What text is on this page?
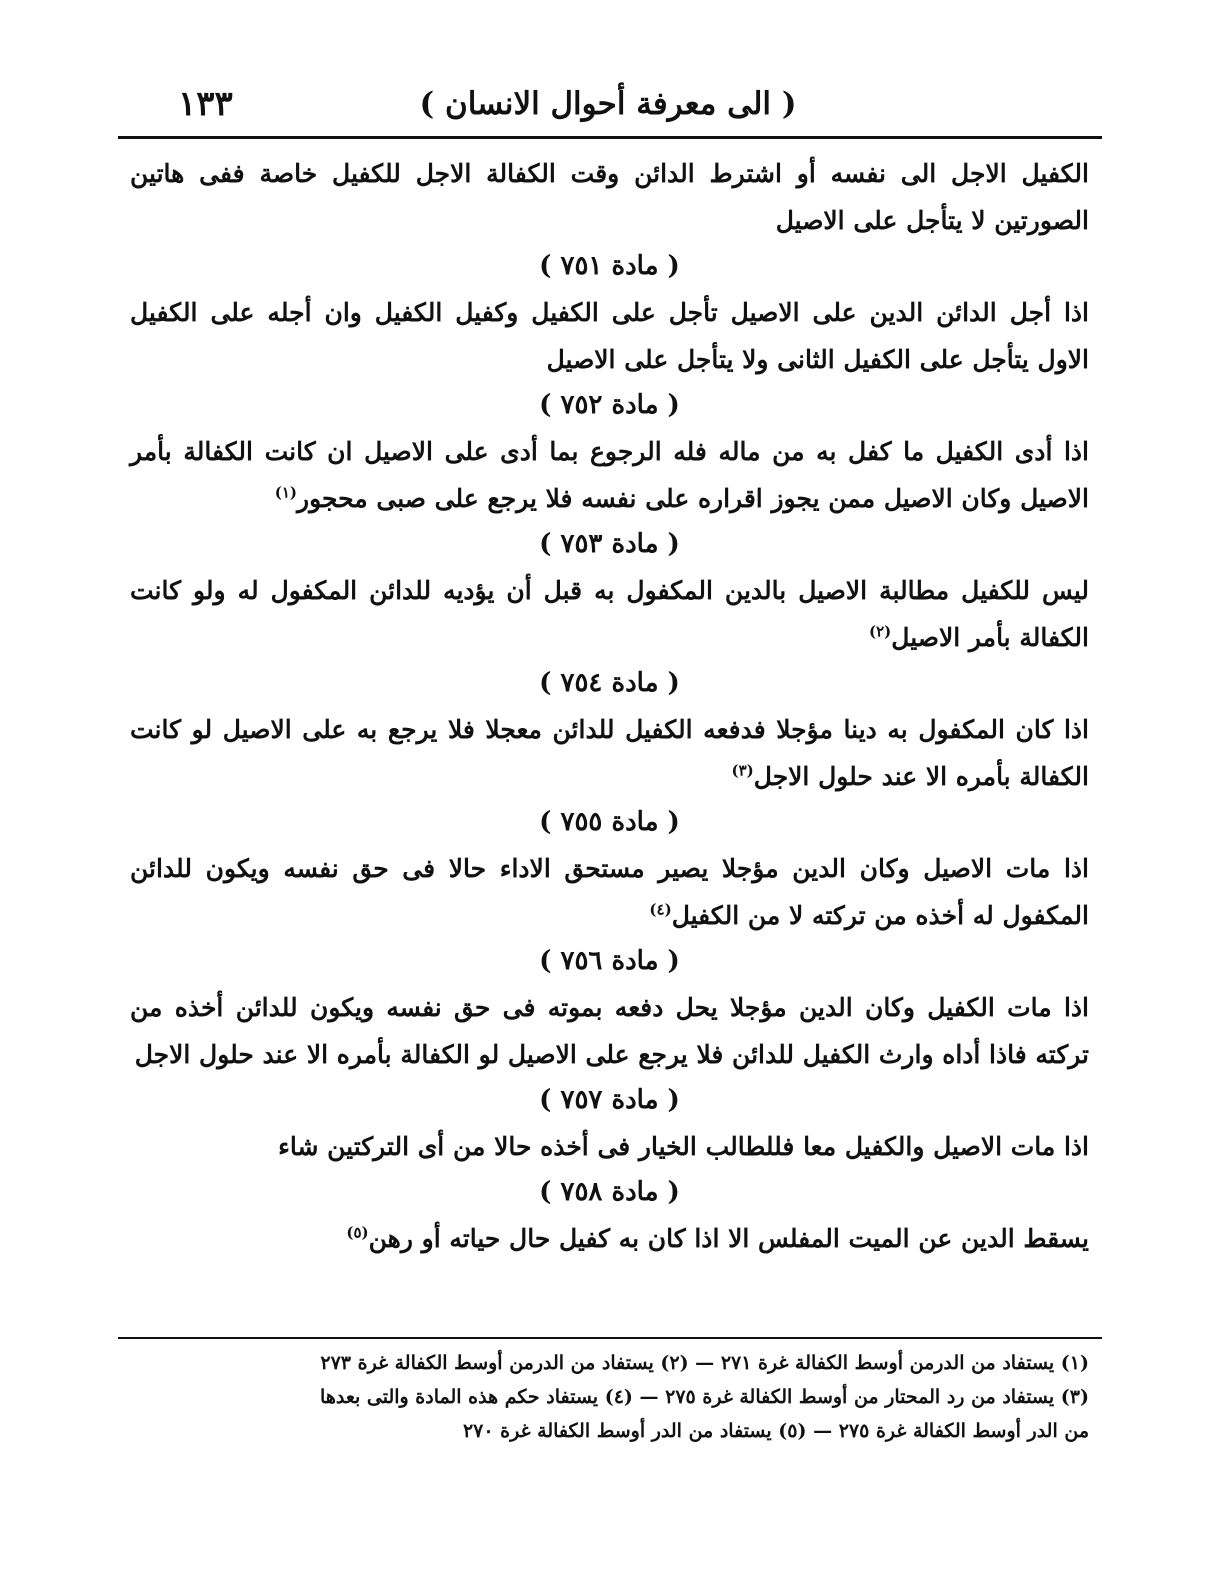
( الى معرفة أحوال الانسان )
١٣٣

الكفيل الاجل الى نفسه أو اشترط الدائن وقت الكفالة الاجل للكفيل خاصة ففى هاتين الصورتين لا يتأجل على الاصيل

( مادة ٧٥١ )

اذا أجل الدائن الدين على الاصيل تأجل على الكفيل وكفيل الكفيل وان أجله على الكفيل الاول يتأجل على الكفيل الثانى ولا يتأجل على الاصيل

( مادة ٧٥٢ )

اذا أدى الكفيل ما كفل به من ماله فله الرجوع بما أدى على الاصيل ان كانت الكفالة بأمر الاصيل وكان الاصيل ممن يجوز اقراره على نفسه فلا يرجع على صبى محجور$^{(١)}$

( مادة ٧٥٣ )

ليس للكفيل مطالبة الاصيل بالدين المكفول به قبل أن يؤديه للدائن المكفول له ولو كانت الكفالة بأمر الاصيل$^{(٢)}$

( مادة ٧٥٤ )

اذا كان المكفول به دينا مؤجلا فدفعه الكفيل للدائن معجلا فلا يرجع به على الاصيل لو كانت الكفالة بأمره الا عند حلول الاجل$^{(٣)}$

( مادة ٧٥٥ )

اذا مات الاصيل وكان الدين مؤجلا يصير مستحق الاداء حالا فى حق نفسه ويكون للدائن المكفول له أخذه من تركته لا من الكفيل$^{(٤)}$

( مادة ٧٥٦ )

اذا مات الكفيل وكان الدين مؤجلا يحل دفعه بموته فى حق نفسه ويكون للدائن أخذه من تركته فاذا أداه وارث الكفيل للدائن فلا يرجع على الاصيل لو الكفالة بأمره الا عند حلول الاجل

( مادة ٧٥٧ )

اذا مات الاصيل والكفيل معا فللطالب الخيار فى أخذه حالا من أى التركتين شاء

( مادة ٧٥٨ )

يسقط الدين عن الميت المفلس الا اذا كان به كفيل حال حياته أو رهن$^{(٥)}$

(١) يستفاد من الدرمن أوسط الكفالة غرة ٢٧١ — (٢) يستفاد من الدرمن أوسط الكفالة غرة ٢٧٣

(٣) يستفاد من رد المحتار من أوسط الكفالة غرة ٢٧٥ — (٤) يستفاد حكم هذه المادة والتى بعدها

من الدر أوسط الكفالة غرة ٢٧٥ — (٥) يستفاد من الدر أوسط الكفالة غرة ٢٧٠
